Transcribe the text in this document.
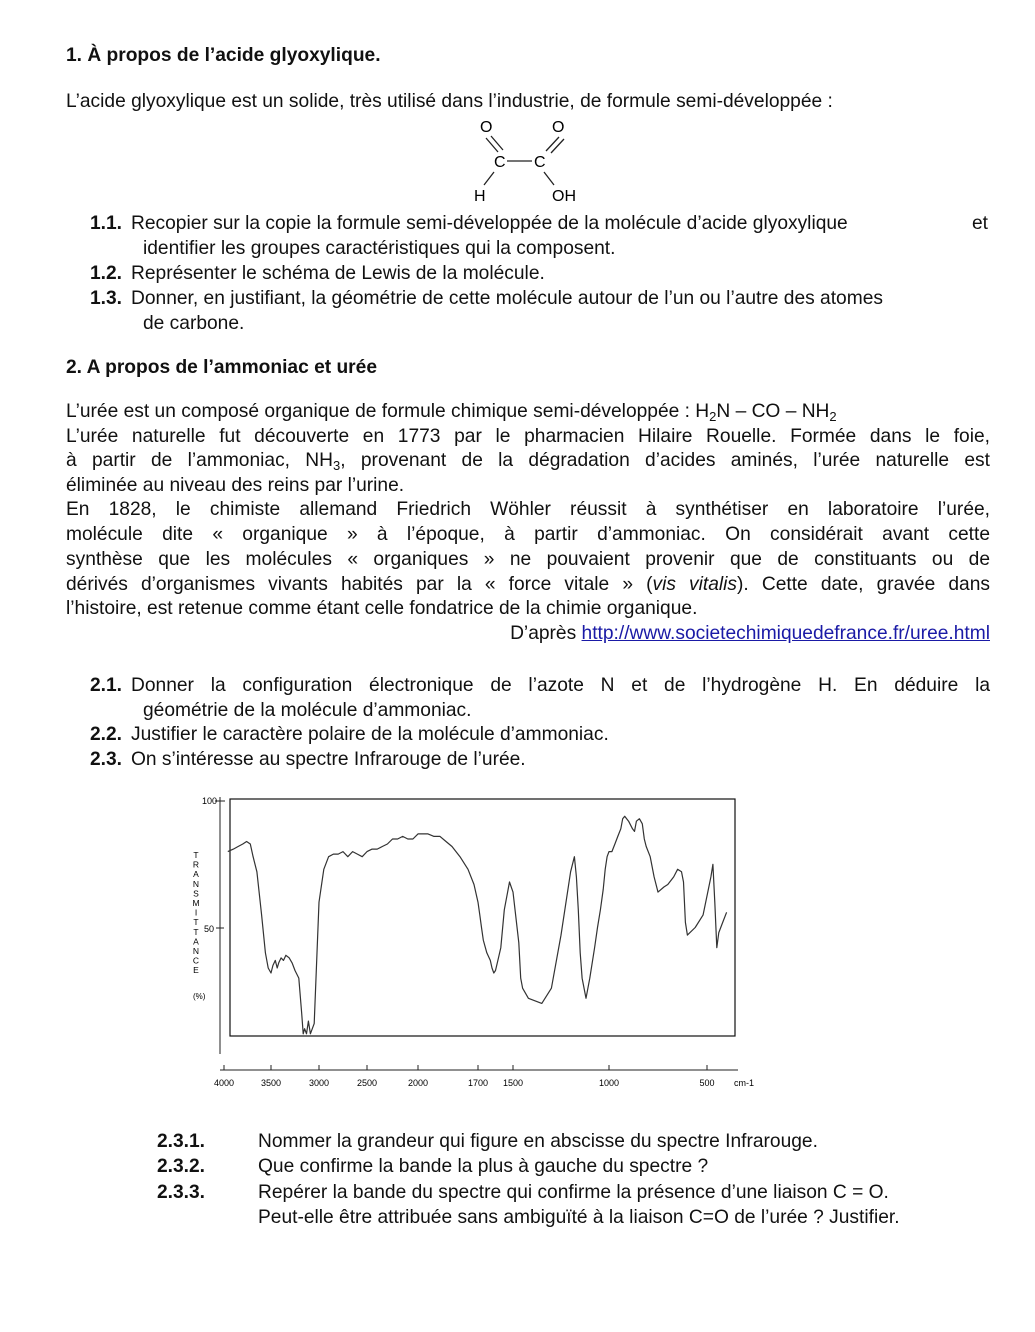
1. À propos de l’acide glyoxylique.
L’acide glyoxylique est un solide, très utilisé dans l’industrie, de formule semi-développée :
O	O
C C
H	OH
1.1. Recopier sur la copie la formule semi-développée de la molécule d’acide glyoxylique	et
identifier les groupes caractéristiques qui la composent.
1.2. Représenter le schéma de Lewis de la molécule.
1.3. Donner, en justifiant, la géométrie de cette molécule autour de l’un ou l’autre des atomes
de carbone.
2. A propos de l’ammoniac et urée
L’urée est un composé organique de formule chimique semi-développée : $H_2N$ – CO – $NH_2$
L’urée naturelle fut découverte en 1773 par le pharmacien Hilaire Rouelle. Formée dans le foie,
à partir de l’ammoniac, $NH_3$, provenant de la dégradation d’acides aminés, l’urée naturelle est
éliminée au niveau des reins par l’urine.
En 1828, le chimiste allemand Friedrich Wöhler réussit à synthétiser en laboratoire l’urée,
molécule dite « organique » à l’époque, à partir d’ammoniac. On considérait avant cette
synthèse que les molécules « organiques » ne pouvaient provenir que de constituants ou de
dérivés d’organismes vivants habités par la « force vitale » (vis vitalis). Cette date, gravée dans
l’histoire, est retenue comme étant celle fondatrice de la chimie organique.
D’après http://www.societechimiquedefrance.fr/uree.html
2.1. Donner la configuration électronique de l’azote N et de l’hydrogène H. En déduire la
géométrie de la molécule d’ammoniac.
2.2. Justifier le caractère polaire de la molécule d’ammoniac.
2.3. On s’intéresse au spectre Infrarouge de l’urée.
100
50
T
R
A
N
S
M
I
T
T
A
N
C
E
(%)
4000	3500	3000	2500	2000	1700 1500	1000	500 cm-1
2.3.1.	Nommer la grandeur qui figure en abscisse du spectre Infrarouge.
2.3.2.	Que confirme la bande la plus à gauche du spectre ?
2.3.3.	Repérer la bande du spectre qui confirme la présence d’une liaison C = O.
Peut-elle être attribuée sans ambiguïté à la liaison C=O de l’urée ? Justifier.
